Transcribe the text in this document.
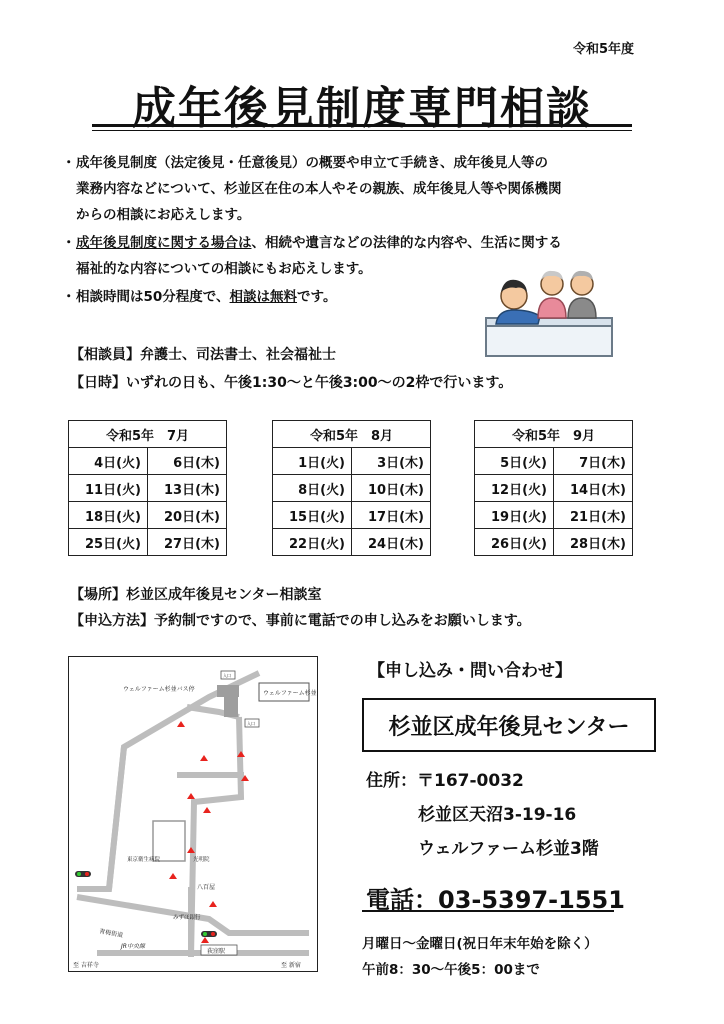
令和5年度
成年後見制度専門相談
・成年後見制度（法定後見・任意後見）の概要や申立て手続き、成年後見人等の
業務内容などについて、杉並区在住の本人やその親族、成年後見人等や関係機関
からの相談にお応えします。
・成年後見制度に関する場合は、相続や遺言などの法律的な内容や、生活に関する
福祉的な内容についての相談にもお応えします。
・相談時間は50分程度で、相談は無料です。
【相談員】弁護士、司法書士、社会福祉士
【日時】いずれの日も、午後1:30～と午後3:00～の2枠で行います。
令和5年　7月	
4日(火)	6日(木)
11日(火)	13日(木)
18日(火)	20日(木)
25日(火)	27日(木)
令和5年　8月	
1日(火)	3日(木)
8日(火)	10日(木)
15日(火)	17日(木)
22日(火)	24日(木)
令和5年　9月	
5日(火)	7日(木)
12日(火)	14日(木)
19日(火)	21日(木)
26日(火)	28日(木)
【場所】杉並区成年後見センター相談室
【申込方法】予約制ですので、事前に電話での申し込みをお願いします。
ウェルファーム杉並
ウェルファーム杉並バス停
入口
入口
東京衛生病院	光明院
八百屋
みずほ銀行
青梅街道
JR中央線
荻窪駅
至 吉祥寺	至 新宿
【申し込み・問い合わせ】
杉並区成年後見センター
住所：〒167-0032
杉並区天沼3-19-16
ウェルファーム杉並3階
電話：03-5397-1551
月曜日～金曜日(祝日年末年始を除く）
午前8：30～午後5：00まで
